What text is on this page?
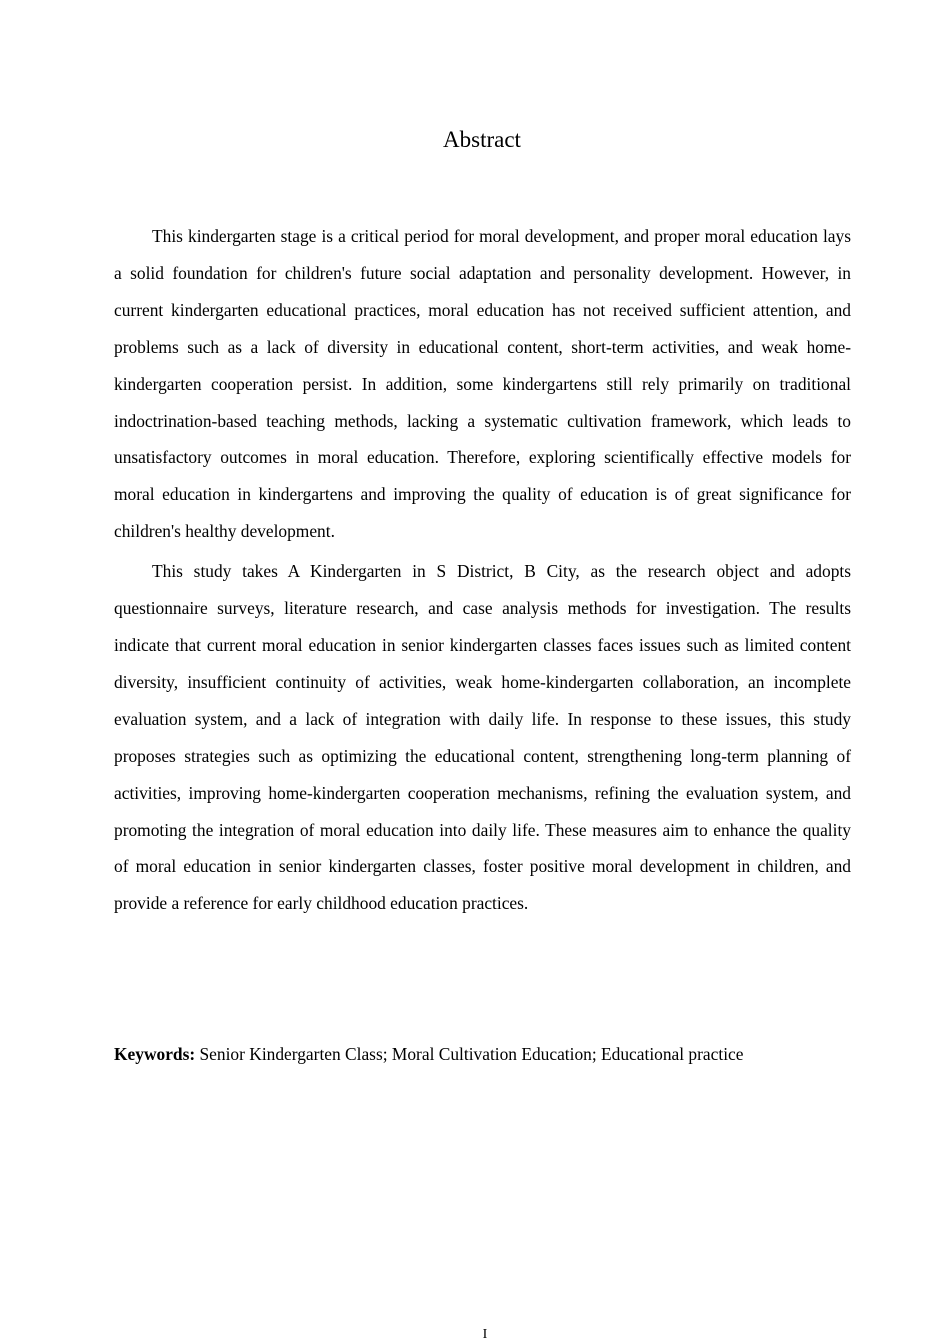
Abstract

This kindergarten stage is a critical period for moral development, and proper moral education lays a solid foundation for children's future social adaptation and personality development. However, in current kindergarten educational practices, moral education has not received sufficient attention, and problems such as a lack of diversity in educational content, short-term activities, and weak home-kindergarten cooperation persist. In addition, some kindergartens still rely primarily on traditional indoctrination-based teaching methods, lacking a systematic cultivation framework, which leads to unsatisfactory outcomes in moral education. Therefore, exploring scientifically effective models for moral education in kindergartens and improving the quality of education is of great significance for children's healthy development.

This study takes A Kindergarten in S District, B City, as the research object and adopts questionnaire surveys, literature research, and case analysis methods for investigation. The results indicate that current moral education in senior kindergarten classes faces issues such as limited content diversity, insufficient continuity of activities, weak home-kindergarten collaboration, an incomplete evaluation system, and a lack of integration with daily life. In response to these issues, this study proposes strategies such as optimizing the educational content, strengthening long-term planning of activities, improving home-kindergarten cooperation mechanisms, refining the evaluation system, and promoting the integration of moral education into daily life. These measures aim to enhance the quality of moral education in senior kindergarten classes, foster positive moral development in children, and provide a reference for early childhood education practices.

Keywords: Senior Kindergarten Class; Moral Cultivation Education; Educational practice

I
